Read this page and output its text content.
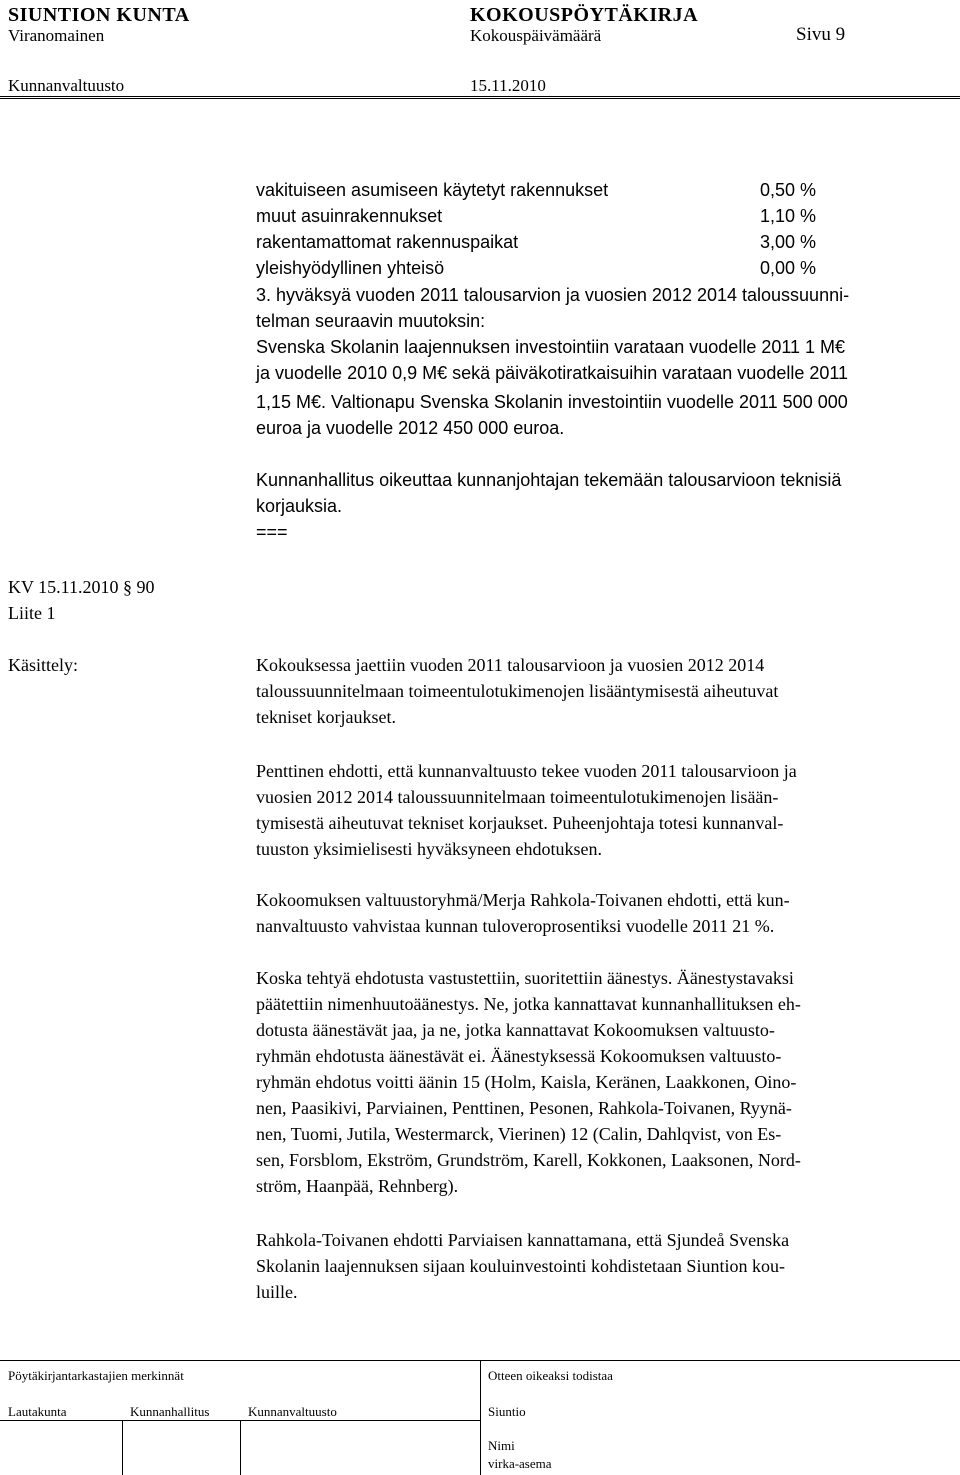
SIUNTION KUNTA	KOKOUSPÖYTÄKIRJA
Viranomainen	Kokouspäivämäärä	Sivu 9
Kunnanvaltuusto	15.11.2010
vakituiseen asumiseen käytetyt rakennukset	0,50 %
muut asuinrakennukset	1,10 %
rakentamattomat rakennuspaikat	3,00 %
yleishyödyllinen yhteisö	0,00 %
3. hyväksyä vuoden 2011 talousarvion ja vuosien 2012 2014 taloussuunni-
telman seuraavin muutoksin:
Svenska Skolanin laajennuksen investointiin varataan vuodelle 2011 1 M€
ja vuodelle 2010 0,9 M€ sekä päiväkotiratkaisuihin varataan vuodelle 2011
1,15 M€. Valtionapu Svenska Skolanin investointiin vuodelle 2011 500 000
euroa ja vuodelle 2012 450 000 euroa.
Kunnanhallitus oikeuttaa kunnanjohtajan tekemään talousarvioon teknisiä
korjauksia.
===
KV 15.11.2010 § 90
Liite 1
Käsittely:	Kokouksessa jaettiin vuoden 2011 talousarvioon ja vuosien 2012 2014
taloussuunnitelmaan toimeentulotukimenojen lisääntymisestä aiheutuvat
tekniset korjaukset.
Penttinen ehdotti, että kunnanvaltuusto tekee vuoden 2011 talousarvioon ja
vuosien 2012 2014 taloussuunnitelmaan toimeentulotukimenojen lisään-
tymisestä aiheutuvat tekniset korjaukset. Puheenjohtaja totesi kunnanval-
tuuston yksimielisesti hyväksyneen ehdotuksen.
Kokoomuksen valtuustoryhmä/Merja Rahkola-Toivanen ehdotti, että kun-
nanvaltuusto vahvistaa kunnan tuloveroprosentiksi vuodelle 2011 21 %.
Koska tehtyä ehdotusta vastustettiin, suoritettiin äänestys. Äänestystavaksi
päätettiin nimenhuutoäänestys. Ne, jotka kannattavat kunnanhallituksen eh-
dotusta äänestävät jaa, ja ne, jotka kannattavat Kokoomuksen valtuusto-
ryhmän ehdotusta äänestävät ei. Äänestyksessä Kokoomuksen valtuusto-
ryhmän ehdotus voitti äänin 15 (Holm, Kaisla, Keränen, Laakkonen, Oino-
nen, Paasikivi, Parviainen, Penttinen, Pesonen, Rahkola-Toivanen, Ryynä-
nen, Tuomi, Jutila, Westermarck, Vierinen) 12 (Calin, Dahlqvist, von Es-
sen, Forsblom, Ekström, Grundström, Karell, Kokkonen, Laaksonen, Nord-
ström, Haanpää, Rehnberg).
Rahkola-Toivanen ehdotti Parviaisen kannattamana, että Sjundeå Svenska
Skolanin laajennuksen sijaan kouluinvestointi kohdistetaan Siuntion kou-
luille.
Pöytäkirjantarkastajien merkinnät	Otteen oikeaksi todistaa
Lautakunta	Kunnanhallitus	Kunnanvaltuusto	Siuntio
Nimi
virka-asema
